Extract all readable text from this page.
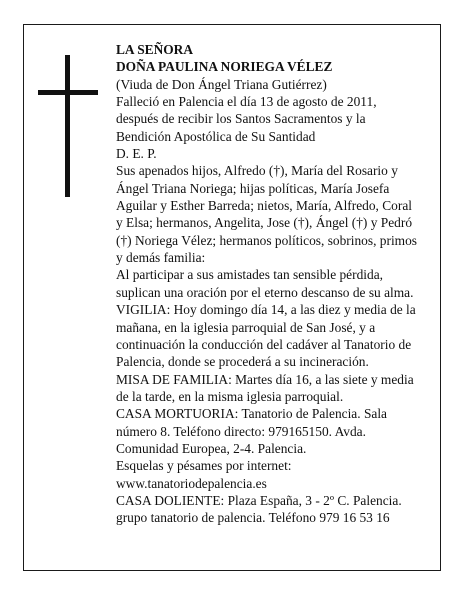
LA SEÑORA
DOÑA PAULINA NORIEGA VÉLEZ
(Viuda de Don Ángel Triana Gutiérrez)
Falleció en Palencia el día 13 de agosto de 2011,
después de recibir los Santos Sacramentos y la
Bendición Apostólica de Su Santidad
D. E. P.
Sus apenados hijos, Alfredo (†), María del Rosario y
Ángel Triana Noriega; hijas políticas, María Josefa
Aguilar y Esther Barreda; nietos, María, Alfredo, Coral
y Elsa; hermanos, Angelita, Jose (†), Ángel (†) y Pedró
(†) Noriega Vélez; hermanos políticos, sobrinos, primos
y demás familia:
Al participar a sus amistades tan sensible pérdida,
suplican una oración por el eterno descanso de su alma.
VIGILIA: Hoy domingo día 14, a las diez y media de la
mañana, en la iglesia parroquial de San José, y a
continuación la conducción del cadáver al Tanatorio de
Palencia, donde se procederá a su incineración.
MISA DE FAMILIA: Martes día 16, a las siete y media
de la tarde, en la misma iglesia parroquial.
CASA MORTUORIA: Tanatorio de Palencia. Sala
número 8. Teléfono directo: 979165150. Avda.
Comunidad Europea, 2-4. Palencia.
Esquelas y pésames por internet:
www.tanatoriodepalencia.es
CASA DOLIENTE: Plaza España, 3 - 2º C. Palencia.
grupo tanatorio de palencia. Teléfono 979 16 53 16
